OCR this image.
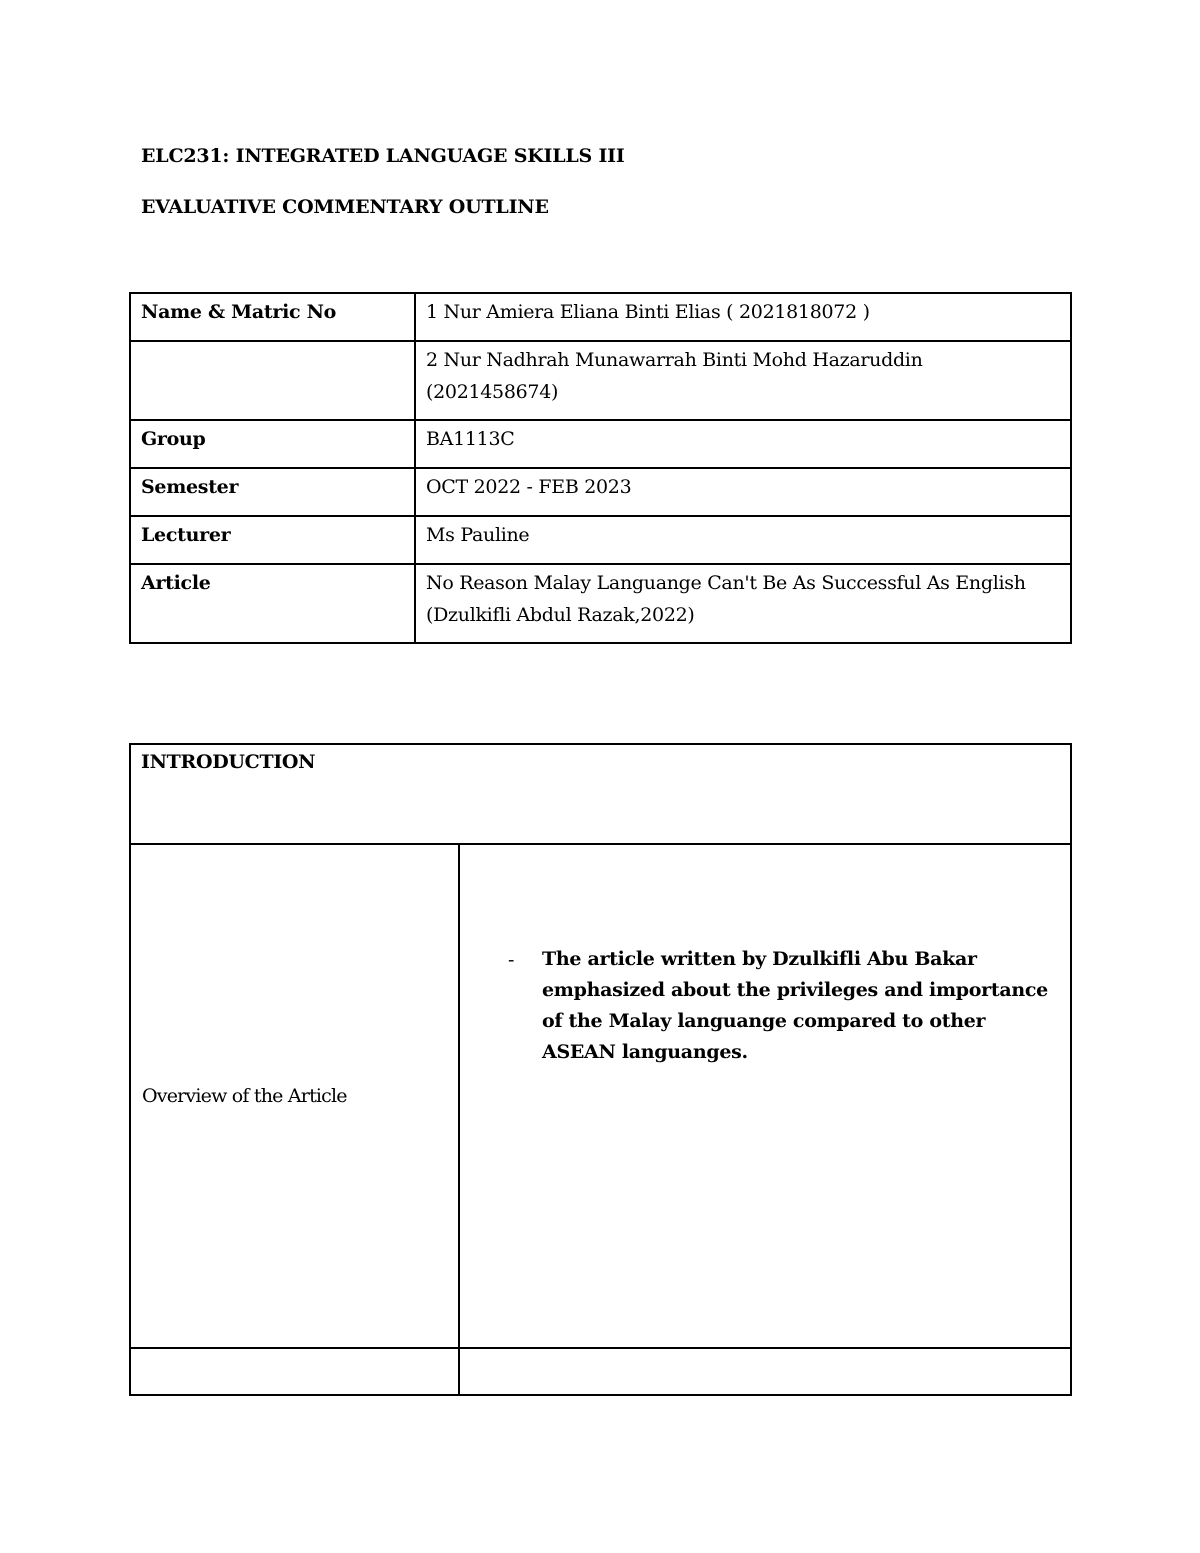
ELC231: INTEGRATED LANGUAGE SKILLS III
EVALUATIVE COMMENTARY OUTLINE
Name & Matric No	1 Nur Amiera Eliana Binti Elias ( 2021818072 )

	2 Nur Nadhrah Munawarrah Binti Mohd Hazaruddin
(2021458674)

Group	BA1113C
Semester	OCT 2022 - FEB 2023
Lecturer	Ms Pauline
Article	No Reason Malay Languange Can't Be As Successful As English
(Dzulkifli Abdul Razak,2022)
INTRODUCTION	
Overview of the Article	- The article written by Dzulkifli Abu Bakar emphasized about the privileges and importance of the Malay languange compared to other ASEAN languanges.
